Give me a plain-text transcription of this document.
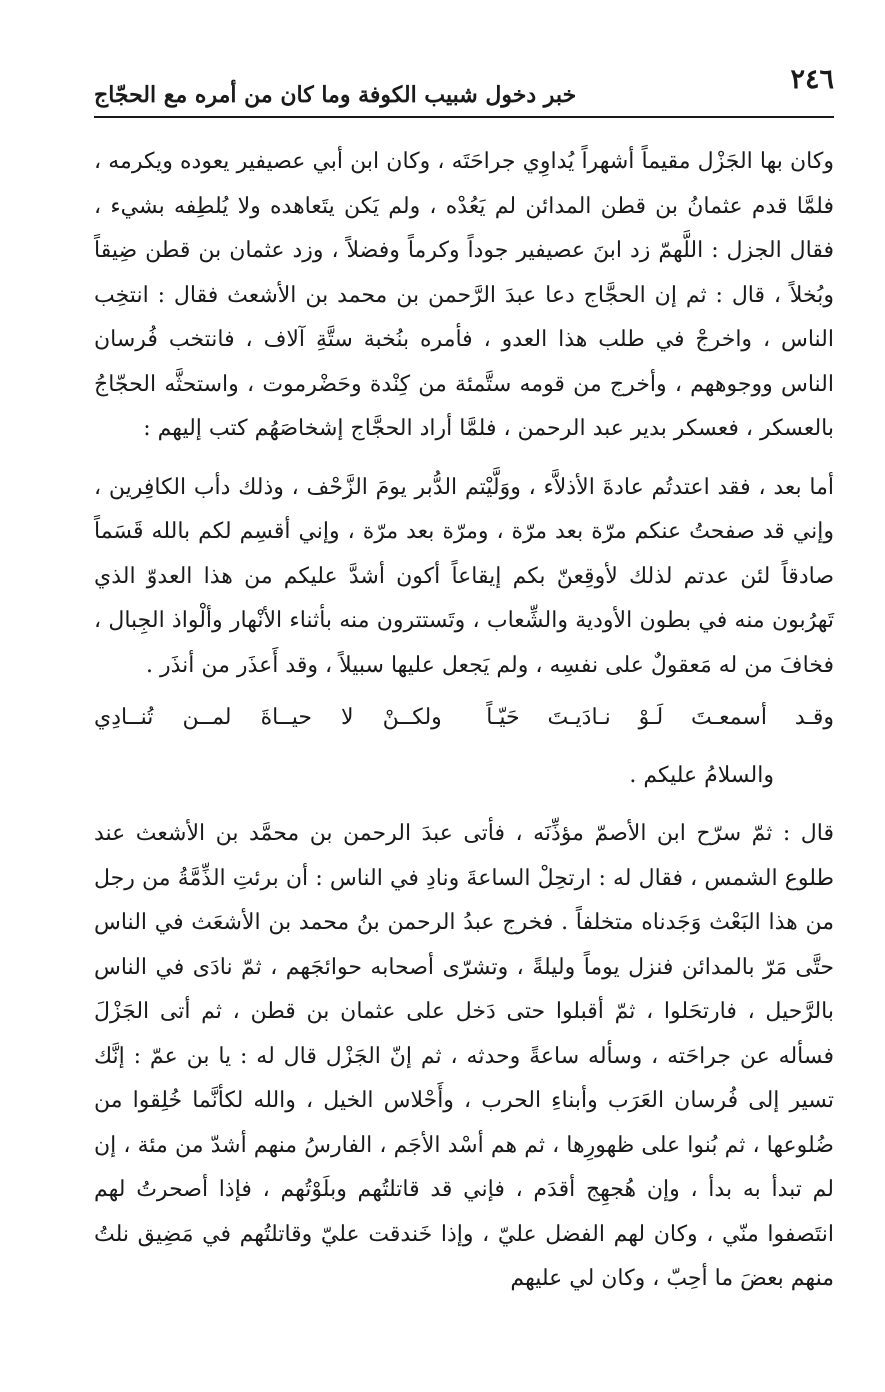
٢٤٦
خبر دخول شبيب الكوفة وما كان من أمره مع الحجّاج

وكان بها الجَزْل مقيماً أشهراً يُداوِي جراحَتَه ، وكان ابن أبي عصيفير يعوده ويكرمه ، فلمَّا قدم عثمانُ بن قطن المدائن لم يَعُدْه ، ولم يَكن يتَعاهده ولا يُلطِفه بشيء ، فقال الجزل : اللَّهمّ زد ابنَ عصيفير جوداً وكرماً وفضلاً ، وزد عثمان بن قطن ضِيقاً وبُخلاً ، قال : ثم إن الحجَّاج دعا عبدَ الرَّحمن بن محمد بن الأشعث فقال : انتخِب الناس ، واخرجْ في طلب هذا العدو ، فأمره بنُخبة ستَّةِ آلاف ، فانتخب فُرسان الناس ووجوههم ، وأخرج من قومه ستَّمئة من كِنْدة وحَضْرموت ، واستحثَّه الحجّاجُ بالعسكر ، فعسكر بدير عبد الرحمن ، فلمَّا أراد الحجَّاج إشخاصَهُم كتب إليهم :

أما بعد ، فقد اعتدتُم عادةَ الأذلاَّء ، ووَلَّيْتم الدُّبر يومَ الزَّحْف ، وذلك دأب الكافِرين ، وإني قد صفحتُ عنكم مرّة بعد مرّة ، ومرّة بعد مرّة ، وإني أقسِم لكم بالله قَسَماً صادقاً لئن عدتم لذلك لأوقِعنّ بكم إيقاعاً أكون أشدَّ عليكم من هذا العدوّ الذي تَهرُبون منه في بطون الأودية والشِّعاب ، وتَستترون منه بأثناء الأنْهار وألْواذ الجِبال ، فخافَ من له مَعقولٌ على نفسِه ، ولم يَجعل عليها سبيلاً ، وقد أَعذَر من أنذَر .

وقـد أسمعـتَ لَـوْ نـادَيـتَ حَيّـاً
ولكــنْ لا حيــاةَ لمــن تُنــادِي

والسلامُ عليكم .

قال : ثمّ سرّح ابن الأصمّ مؤذِّنَه ، فأتى عبدَ الرحمن بن محمَّد بن الأشعث عند طلوع الشمس ، فقال له : ارتحِلْ الساعةَ ونادِ في الناس : أن برئتِ الذِّمَّةُ من رجل من هذا البَعْث وَجَدناه متخلفاً . فخرج عبدُ الرحمن بنُ محمد بن الأشعَث في الناس حتَّى مَرّ بالمدائن فنزل يوماً وليلةً ، وتشرّى أصحابه حوائجَهم ، ثمّ نادَى في الناس بالرَّحيل ، فارتحَلوا ، ثمّ أقبلوا حتى دَخل على عثمان بن قطن ، ثم أتى الجَزْلَ فسأله عن جراحَته ، وسأله ساعةً وحدثه ، ثم إنّ الجَزْل قال له : يا بن عمّ : إنَّك تسير إلى فُرسان العَرَب وأبناءِ الحرب ، وأَحْلاس الخيل ، والله لكأنَّما خُلِقوا من ضُلوعها ، ثم بُنوا على ظهورِها ، ثم هم أسْد الأجَم ، الفارسُ منهم أشدّ من مئة ، إن لم تبدأ به بدأ ، وإن هُجهِج أقدَم ، فإني قد قاتلتُهم وبلَوْتُهم ، فإذا أصحرتُ لهم انتَصفوا منّي ، وكان لهم الفضل عليّ ، وإذا خَندقت عليّ وقاتلتُهم في مَضِيق نلتُ منهم بعضَ ما أحِبّ ، وكان لي عليهم
